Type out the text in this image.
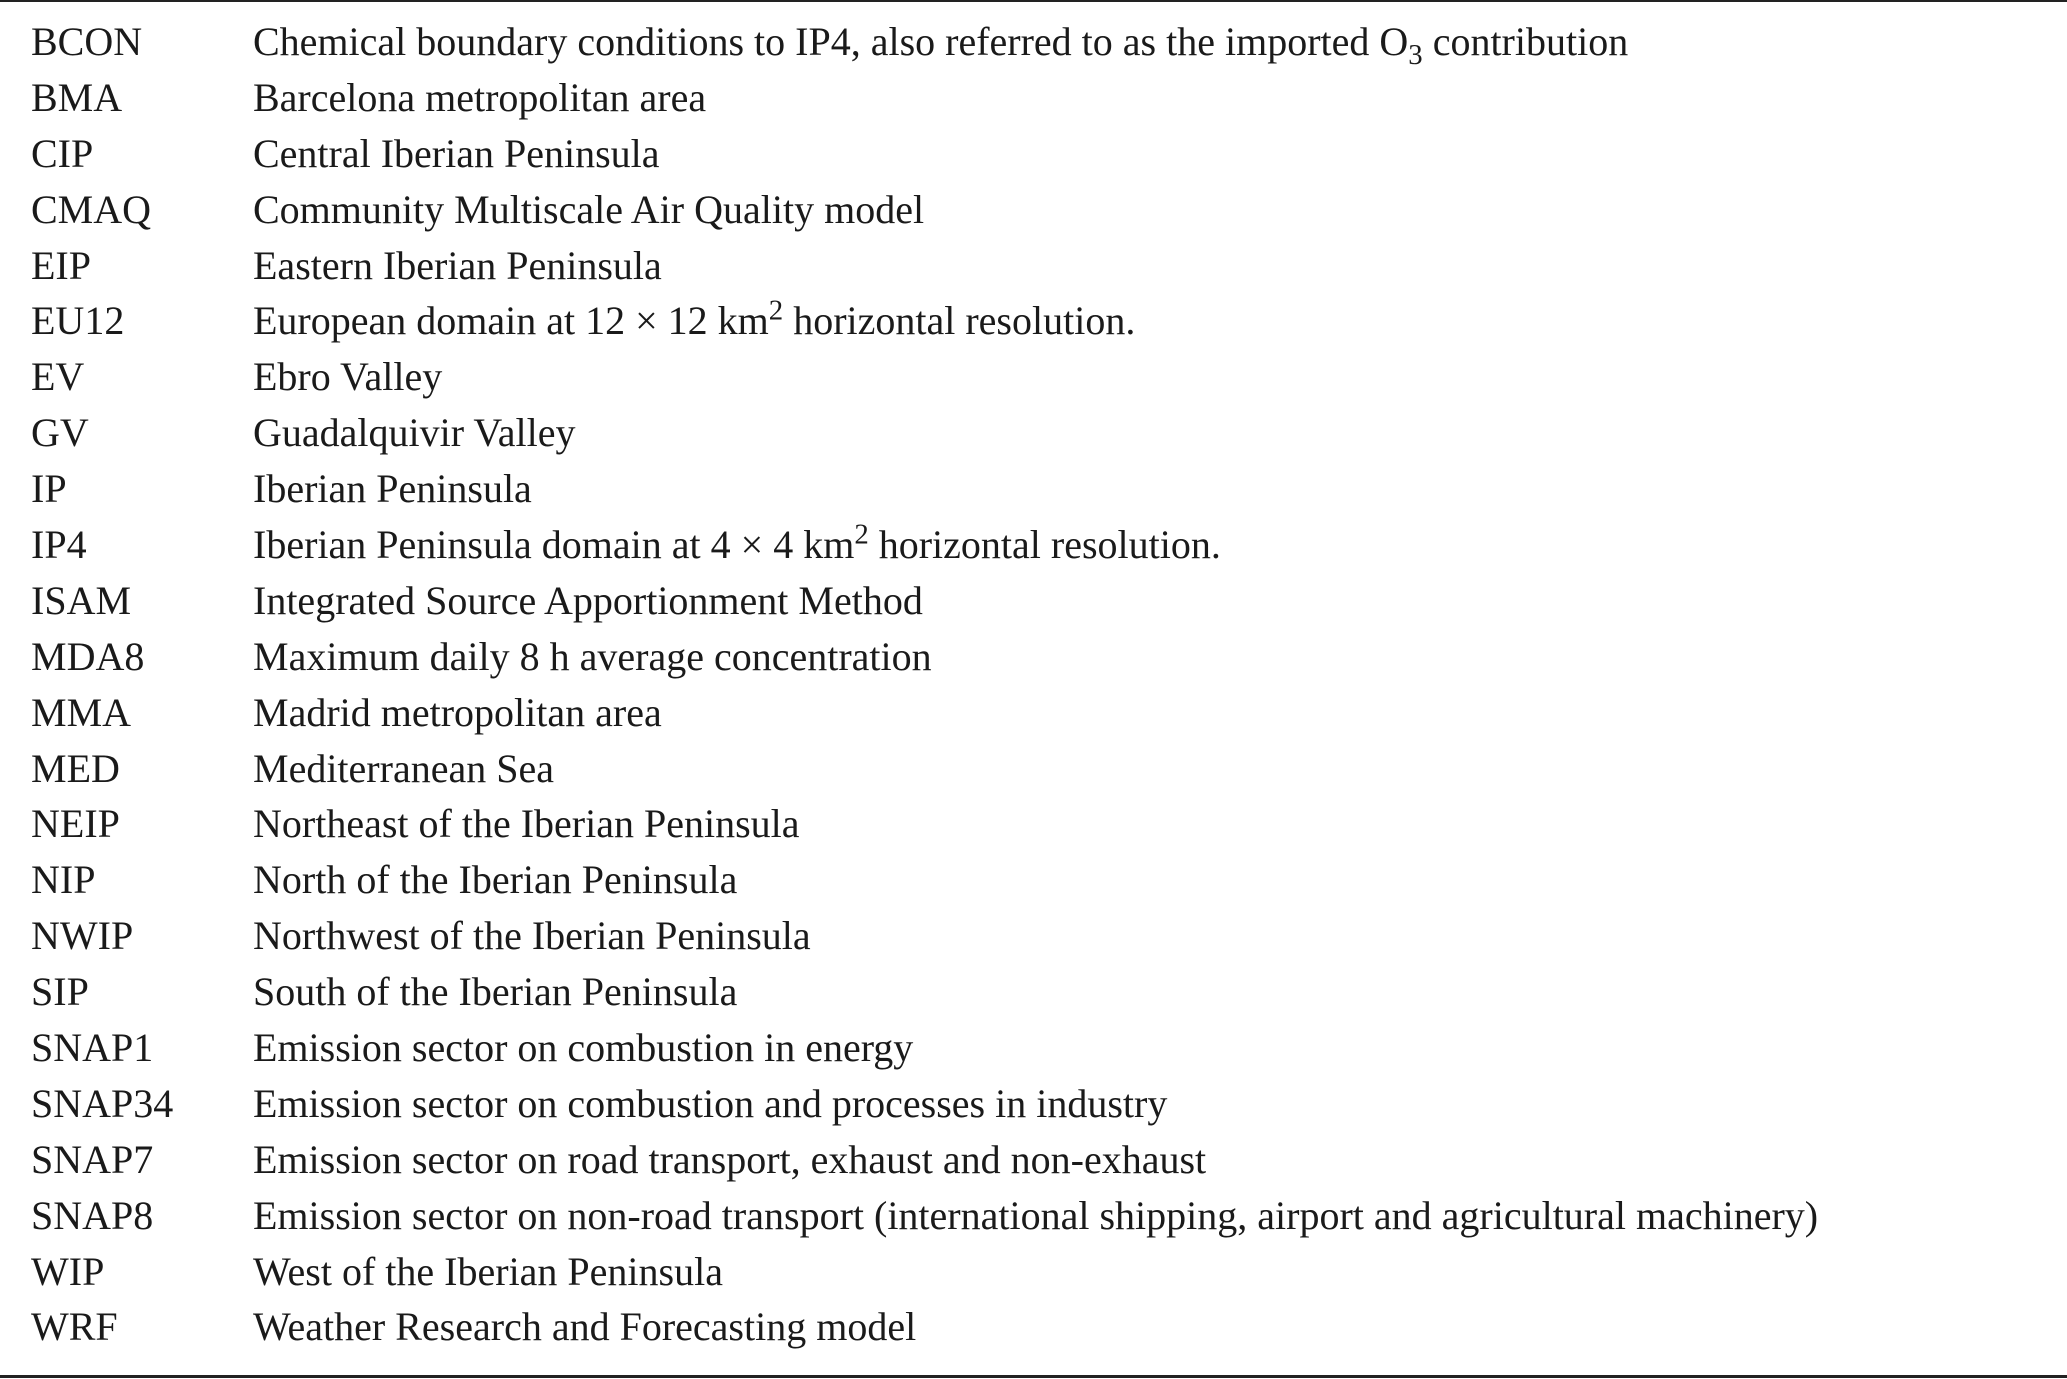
BCON	Chemical boundary conditions to IP4, also referred to as the imported $O_3$ contribution
BMA	Barcelona metropolitan area
CIP	Central Iberian Peninsula
CMAQ	Community Multiscale Air Quality model
EIP	Eastern Iberian Peninsula
EU12	European domain at 12 × 12 $km^2$ horizontal resolution.
EV	Ebro Valley
GV	Guadalquivir Valley
IP	Iberian Peninsula
IP4	Iberian Peninsula domain at 4 × 4 $km^2$ horizontal resolution.
ISAM	Integrated Source Apportionment Method
MDA8	Maximum daily 8 h average concentration
MMA	Madrid metropolitan area
MED	Mediterranean Sea
NEIP	Northeast of the Iberian Peninsula
NIP	North of the Iberian Peninsula
NWIP	Northwest of the Iberian Peninsula
SIP	South of the Iberian Peninsula
SNAP1 Emission sector on combustion in energy
SNAP34 Emission sector on combustion and processes in industry
SNAP7 Emission sector on road transport, exhaust and non-exhaust
SNAP8 Emission sector on non-road transport (international shipping, airport and agricultural machinery)
WIP	West of the Iberian Peninsula
WRF	Weather Research and Forecasting model
